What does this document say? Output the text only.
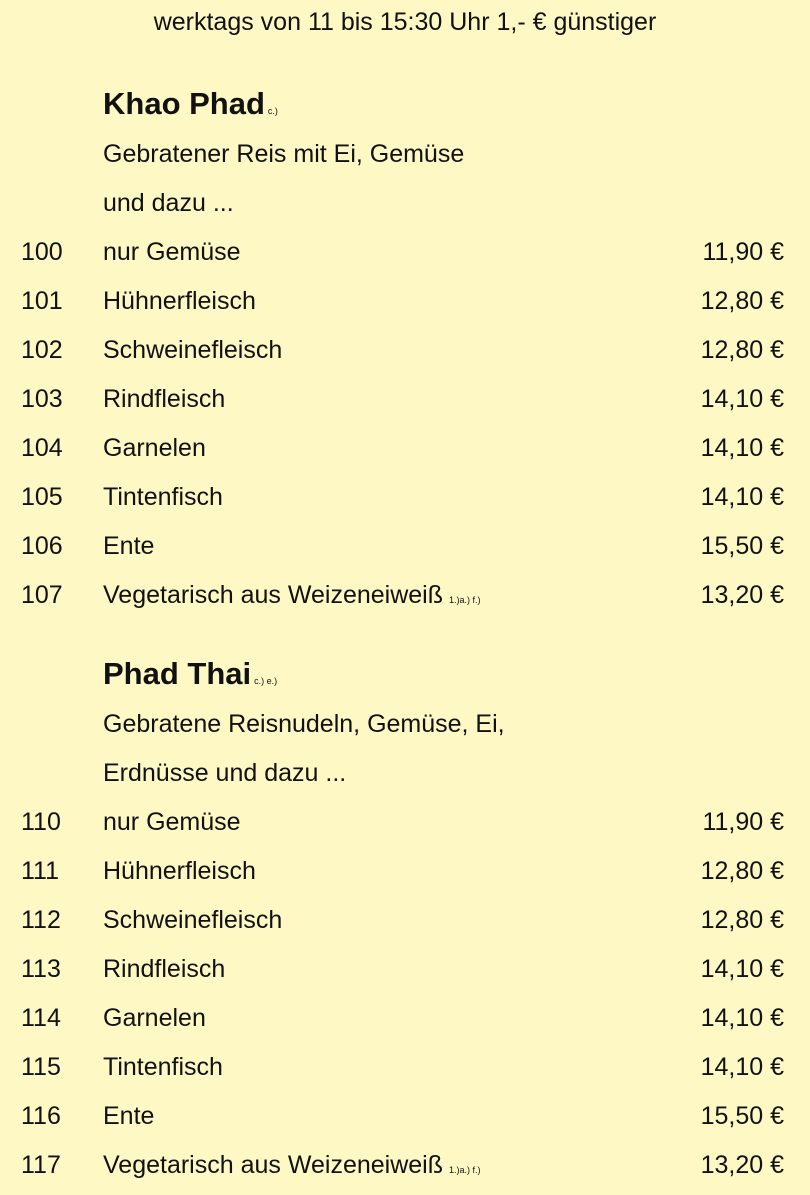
werktags von 11 bis 15:30 Uhr 1,- € günstiger
Khao Phad c.)
Gebratener Reis mit Ei, Gemüse
und dazu ...
100 nur Gemüse	11,90 €
101 Hühnerfleisch	12,80 €
102 Schweinefleisch	12,80 €
103 Rindfleisch	14,10 €
104 Garnelen	14,10 €
105 Tintenfisch	14,10 €
106 Ente	15,50 €
107 Vegetarisch aus Weizeneiweiß 1.)a.) f.)	13,20 €
Phad Thai c.) e.)
Gebratene Reisnudeln, Gemüse, Ei,
Erdnüsse und dazu ...
110 nur Gemüse	11,90 €
111 Hühnerfleisch	12,80 €
112 Schweinefleisch	12,80 €
113 Rindfleisch	14,10 €
114 Garnelen	14,10 €
115 Tintenfisch	14,10 €
116 Ente	15,50 €
117 Vegetarisch aus Weizeneiweiß 1.)a.) f.)	13,20 €
